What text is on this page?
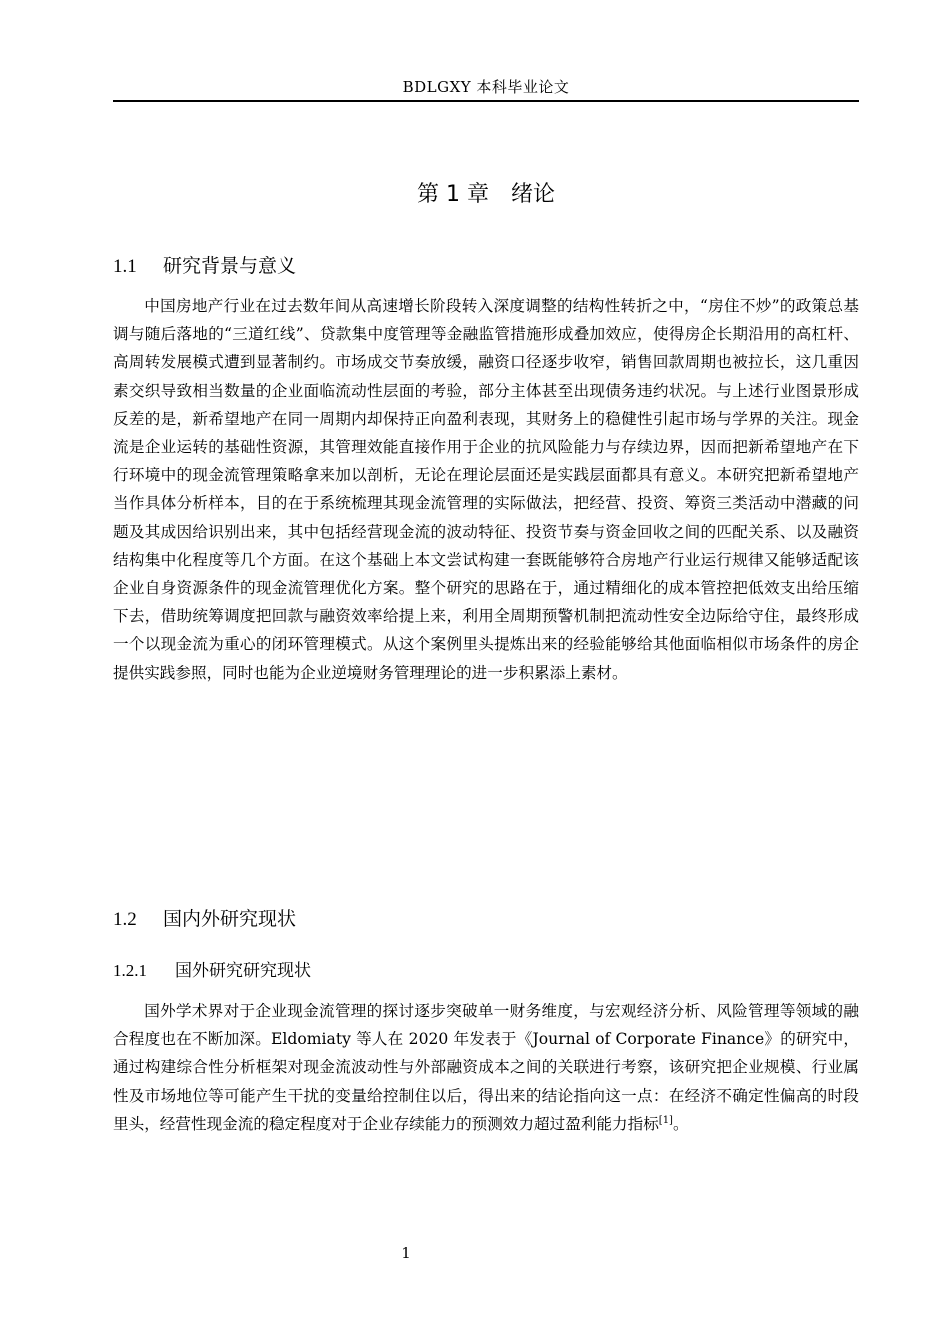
BDLGXY 本科毕业论文
第 1 章 绪论
1.1 研究背景与意义

中国房地产行业在过去数年间从高速增长阶段转入深度调整的结构性转折之中，“房住不炒”的政策总基调与随后落地的“三道红线”、贷款集中度管理等金融监管措施形成叠加效应，使得房企长期沿用的高杠杆、高周转发展模式遭到显著制约。市场成交节奏放缓，融资口径逐步收窄，销售回款周期也被拉长，这几重因素交织导致相当数量的企业面临流动性层面的考验，部分主体甚至出现债务违约状况。与上述行业图景形成反差的是，新希望地产在同一周期内却保持正向盈利表现，其财务上的稳健性引起市场与学界的关注。现金流是企业运转的基础性资源，其管理效能直接作用于企业的抗风险能力与存续边界，因而把新希望地产在下行环境中的现金流管理策略拿来加以剖析，无论在理论层面还是实践层面都具有意义。本研究把新希望地产当作具体分析样本，目的在于系统梳理其现金流管理的实际做法，把经营、投资、筹资三类活动中潜藏的问题及其成因给识别出来，其中包括经营现金流的波动特征、投资节奏与资金回收之间的匹配关系、以及融资结构集中化程度等几个方面。在这个基础上本文尝试构建一套既能够符合房地产行业运行规律又能够适配该企业自身资源条件的现金流管理优化方案。整个研究的思路在于，通过精细化的成本管控把低效支出给压缩下去，借助统筹调度把回款与融资效率给提上来，利用全周期预警机制把流动性安全边际给守住，最终形成一个以现金流为重心的闭环管理模式。从这个案例里头提炼出来的经验能够给其他面临相似市场条件的房企提供实践参照，同时也能为企业逆境财务管理理论的进一步积累添上素材。

1.2 国内外研究现状
1.2.1 国外研究研究现状

国外学术界对于企业现金流管理的探讨逐步突破单一财务维度，与宏观经济分析、风险管理等领域的融合程度也在不断加深。Eldomiaty 等人在 2020 年发表于《Journal of Corporate Finance》的研究中，通过构建综合性分析框架对现金流波动性与外部融资成本之间的关联进行考察，该研究把企业规模、行业属性及市场地位等可能产生干扰的变量给控制住以后，得出来的结论指向这一点：在经济不确定性偏高的时段里头，经营性现金流的稳定程度对于企业存续能力的预测效力超过盈利能力指标[1]。

1
